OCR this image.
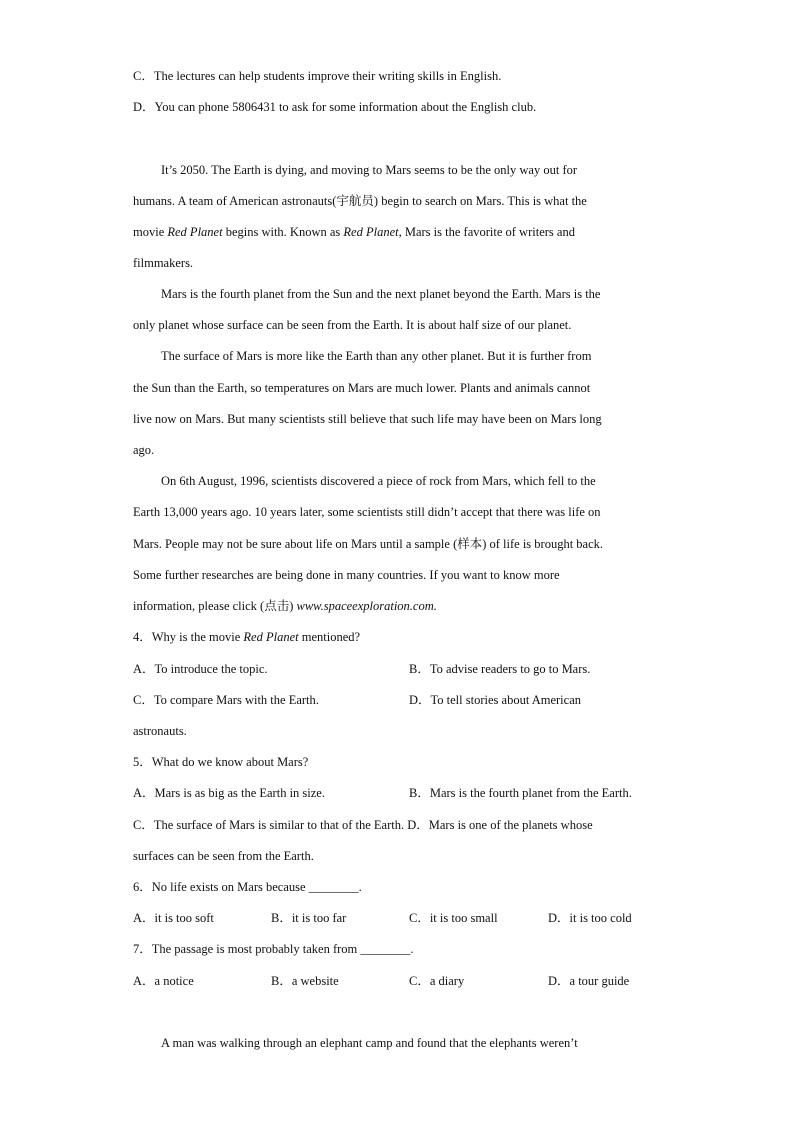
C．The lectures can help students improve their writing skills in English.
D．You can phone 5806431 to ask for some information about the English club.
It’s 2050. The Earth is dying, and moving to Mars seems to be the only way out for
humans. A team of American astronauts(宇航员) begin to search on Mars. This is what the
movie Red Planet begins with. Known as Red Planet, Mars is the favorite of writers and
filmmakers.
Mars is the fourth planet from the Sun and the next planet beyond the Earth. Mars is the
only planet whose surface can be seen from the Earth. It is about half size of our planet.
The surface of Mars is more like the Earth than any other planet. But it is further from
the Sun than the Earth, so temperatures on Mars are much lower. Plants and animals cannot
live now on Mars. But many scientists still believe that such life may have been on Mars long
ago.
On 6th August, 1996, scientists discovered a piece of rock from Mars, which fell to the
Earth 13,000 years ago. 10 years later, some scientists still didn’t accept that there was life on
Mars. People may not be sure about life on Mars until a sample (样本) of life is brought back.
Some further researches are being done in many countries. If you want to know more
information, please click (点击) www.spaceexploration.com.
4．Why is the movie Red Planet mentioned?
A．To introduce the topic.	B．To advise readers to go to Mars.
C．To compare Mars with the Earth.	D．To tell stories about American
astronauts.
5．What do we know about Mars?
A．Mars is as big as the Earth in size.	B．Mars is the fourth planet from the Earth.
C．The surface of Mars is similar to that of the Earth. D．Mars is one of the planets whose
surfaces can be seen from the Earth.
6．No life exists on Mars because ________.
A．it is too soft	B．it is too far	C．it is too small	D．it is too cold
7．The passage is most probably taken from ________.
A．a notice	B．a website	C．a diary	D．a tour guide
A man was walking through an elephant camp and found that the elephants weren’t
